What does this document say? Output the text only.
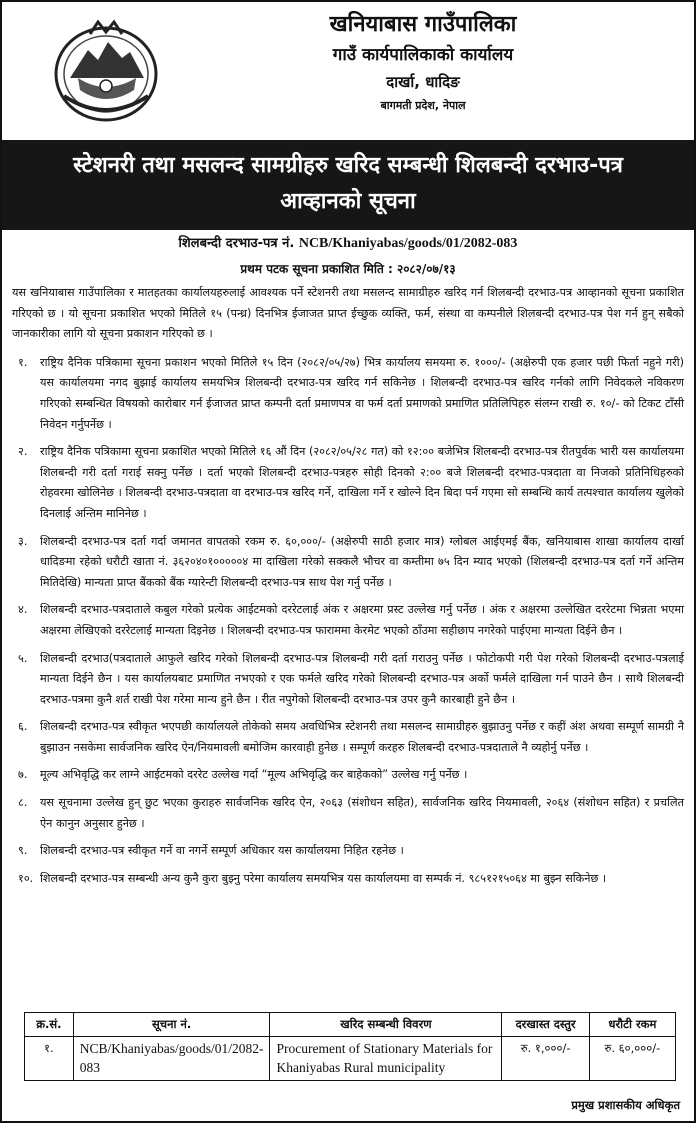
खनियाबास गाउँपालिका
गाउँ कार्यपालिकाको कार्यालय
दार्खा, धादिङ
बागमती प्रदेश, नेपाल
स्टेशनरी तथा मसलन्द सामग्रीहरु खरिद सम्बन्धी शिलबन्दी दरभाउ-पत्र
आव्हानको सूचना
शिलबन्दी दरभाउ-पत्र नं. NCB/Khaniyabas/goods/01/2082-083
प्रथम पटक सूचना प्रकाशित मिति : २०८२/०७/१३

यस खनियाबास गाउँपालिका र मातहतका कार्यालयहरुलाई आवश्यक पर्ने स्टेशनरी तथा मसलन्द सामाग्रीहरु खरिद गर्न शिलबन्दी दरभाउ-पत्र आव्हानको सूचना प्रकाशित गरिएको छ । यो सूचना प्रकाशित भएको मितिले १५ (पन्ध्र) दिनभित्र ईजाजत प्राप्त ईच्छुक व्यक्ति, फर्म, संस्था वा कम्पनीले शिलबन्दी दरभाउ-पत्र पेश गर्न हुन् सबैको जानकारीका लागि यो सूचना प्रकाशन गरिएको छ ।

१. राष्ट्रिय दैनिक पत्रिकामा सूचना प्रकाशन भएको मितिले १५ दिन (२०८२/०५/२७) भित्र कार्यालय समयमा रु. १०००/- (अक्षेरुपी एक हजार पछी फिर्ता नहुने गरी) यस कार्यालयमा नगद बुझाई कार्यालय समयभित्र शिलबन्दी दरभाउ-पत्र खरिद गर्न सकिनेछ । शिलबन्दी दरभाउ-पत्र खरिद गर्नको लागि निवेदकले नविकरण गरिएको सम्बन्धित विषयको कारोबार गर्न ईजाजत प्राप्त कम्पनी दर्ता प्रमाणपत्र वा फर्म दर्ता प्रमाणको प्रमाणित प्रतिलिपिहरु संलग्न राखी रु. १०/- को टिकट टाँसी निवेदन गर्नुपर्नेछ ।
२. राष्ट्रिय दैनिक पत्रिकामा सूचना प्रकाशित भएको मितिले १६ औं दिन (२०८२/०५/२८ गत) को १२:०० बजेभित्र शिलबन्दी दरभाउ-पत्र रीतपुर्वक भारी यस कार्यालयमा शिलबन्दी गरी दर्ता गराई सक्नु पर्नेछ । दर्ता भएको शिलबन्दी दरभाउ-पत्रहरु सोही दिनको २:०० बजे शिलबन्दी दरभाउ-पत्रदाता वा निजको प्रतिनिधिहरुको रोहवरमा खोलिनेछ । शिलबन्दी दरभाउ-पत्रदाता वा दरभाउ-पत्र खरिद गर्ने, दाखिला गर्ने र खोल्ने दिन बिदा पर्न गएमा सो सम्बन्धि कार्य तत्पश्चात कार्यालय खुलेको दिनलाई अन्तिम मानिनेछ ।
३. शिलबन्दी दरभाउ-पत्र दर्ता गर्दा जमानत वापतको रकम रु. ६०,०००/- (अक्षेरुपी साठी हजार मात्र) ग्लोबल आईएमई बैंक, खनियाबास शाखा कार्यालय दार्खा धादिङमा रहेको धरौटी खाता नं. ३६२०४०१०००००४ मा दाखिला गरेको सक्कलै भौचर वा कम्तीमा ७५ दिन म्याद भएको (शिलबन्दी दरभाउ-पत्र दर्ता गर्ने अन्तिम मितिदेखि) मान्यता प्राप्त बैंकको बैंक ग्यारेन्टी शिलबन्दी दरभाउ-पत्र साथ पेश गर्नु पर्नेछ ।
४. शिलबन्दी दरभाउ-पत्रदाताले कबुल गरेको प्रत्येक आईटमको दररेटलाई अंक र अक्षरमा प्रस्ट उल्लेख गर्नु पर्नेछ । अंक र अक्षरमा उल्लेखित दररेटमा भिन्नता भएमा अक्षरमा लेखिएको दररेटलाई मान्यता दिइनेछ । शिलबन्दी दरभाउ-पत्र फाराममा केरमेट भएको ठाँउमा सहीछाप नगरेको पाईएमा मान्यता दिईने छैन ।
५. शिलबन्दी दरभाउ(पत्रदाताले आफुले खरिद गरेको शिलबन्दी दरभाउ-पत्र शिलबन्दी गरी दर्ता गराउनु पर्नेछ । फोटोकपी गरी पेश गरेको शिलबन्दी दरभाउ-पत्रलाई मान्यता दिईने छैन । यस कार्यालयबाट प्रमाणित नभएको र एक फर्मले खरिद गरेको शिलबन्दी दरभाउ-पत्र अर्को फर्मले दाखिला गर्न पाउने छैन । साथै शिलबन्दी दरभाउ-पत्रमा कुनै शर्त राखी पेश गरेमा मान्य हुने छैन । रीत नपुगेको शिलबन्दी दरभाउ-पत्र उपर कुनै कारबाही हुने छैन ।
६. शिलबन्दी दरभाउ-पत्र स्वीकृत भएपछी कार्यालयले तोकेको समय अवधिभित्र स्टेशनरी तथा मसलन्द सामाग्रीहरु बुझाउनु पर्नेछ र कहीं अंश अथवा सम्पूर्ण सामग्री नै बुझाउन नसकेमा सार्वजनिक खरिद ऐन/नियमावली बमोजिम कारवाही हुनेछ । सम्पूर्ण करहरु शिलबन्दी दरभाउ-पत्रदाताले नै व्यहोर्नु पर्नेछ ।
७. मूल्य अभिवृद्धि कर लाग्ने आईटमको दररेट उल्लेख गर्दा “मूल्य अभिवृद्धि कर बाहेकको” उल्लेख गर्नु पर्नेछ ।
८. यस सूचनामा उल्लेख हुन् छुट भएका कुराहरु सार्वजनिक खरिद ऐन, २०६३ (संशोधन सहित), सार्वजनिक खरिद नियमावली, २०६४ (संशोधन सहित) र प्रचलित ऐन कानुन अनुसार हुनेछ ।
९. शिलबन्दी दरभाउ-पत्र स्वीकृत गर्ने वा नगर्ने सम्पूर्ण अधिकार यस कार्यालयमा निहित रहनेछ ।
१०. शिलबन्दी दरभाउ-पत्र सम्बन्धी अन्य कुनै कुरा बुझ्नु परेमा कार्यालय समयभित्र यस कार्यालयमा वा सम्पर्क नं. ९८५१२१५०६४ मा बुझ्न सकिनेछ ।
क्र.सं.	सूचना नं.	खरिद सम्बन्धी विवरण	दरखास्त दस्तुर	धरौटी रकम
१.	NCB/Khaniyabas/goods/01/2082-083	Procurement of Stationary Materials for Khaniyabas Rural municipality	रु. १,०००/-	रु. ६०,०००/-
प्रमुख प्रशासकीय अधिकृत
